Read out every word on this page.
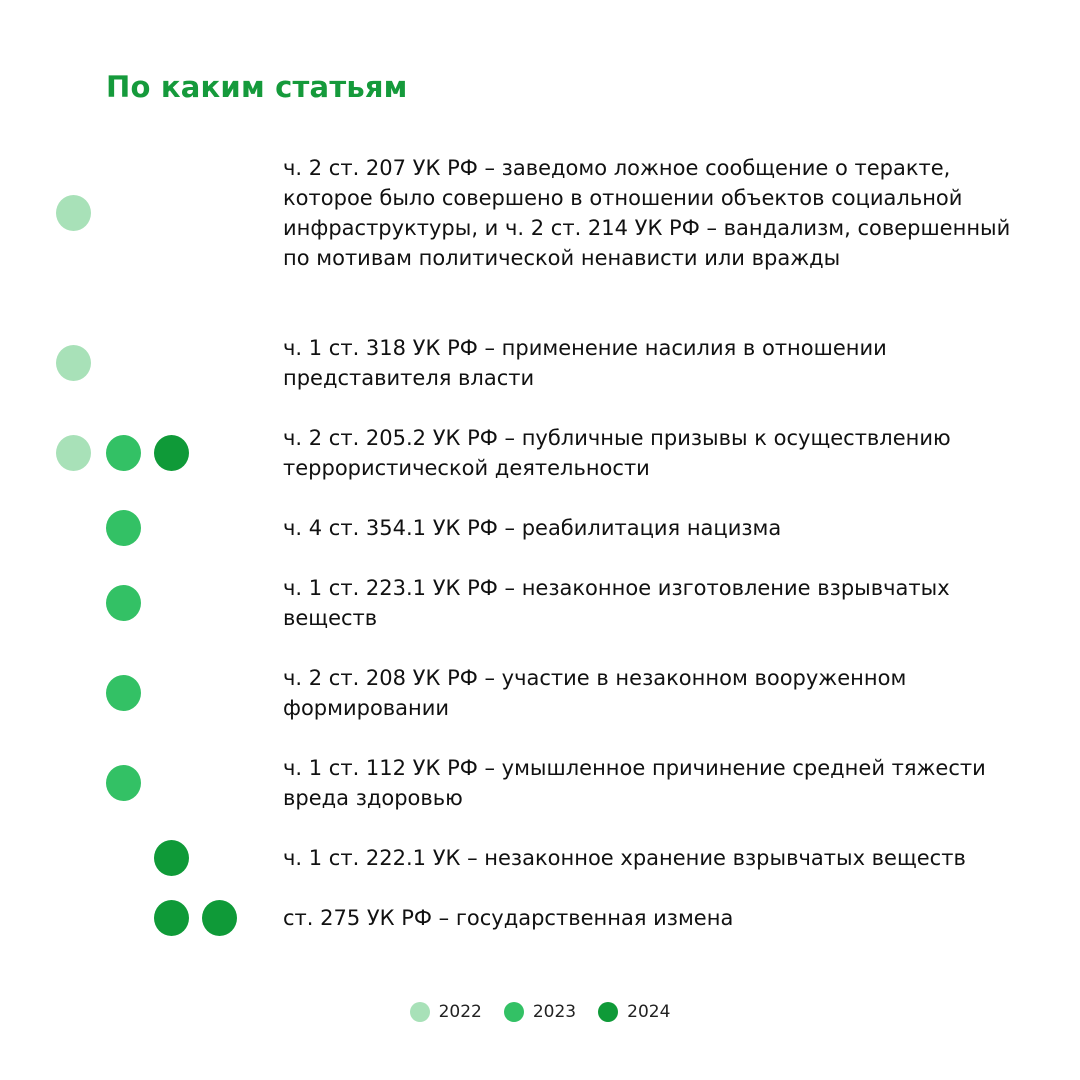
По каким статьям

ч. 2 ст. 207 УК РФ – заведомо ложное сообщение о теракте, которое было совершено в отношении объектов социальной инфраструктуры, и ч. 2 ст. 214 УК РФ – вандализм, совершенный по мотивам политической ненависти или вражды

ч. 1 ст. 318 УК РФ – применение насилия в отношении представителя власти

ч. 2 ст. 205.2 УК РФ – публичные призывы к осуществлению террористической деятельности

ч. 4 ст. 354.1 УК РФ – реабилитация нацизма

ч. 1 ст. 223.1 УК РФ – незаконное изготовление взрывчатых веществ

ч. 2 ст. 208 УК РФ – участие в незаконном вооруженном формировании

ч. 1 ст. 112 УК РФ – умышленное причинение средней тяжести вреда здоровью

ч. 1 ст. 222.1 УК – незаконное хранение взрывчатых веществ

ст. 275 УК РФ – государственная измена

2022	2023	2024
